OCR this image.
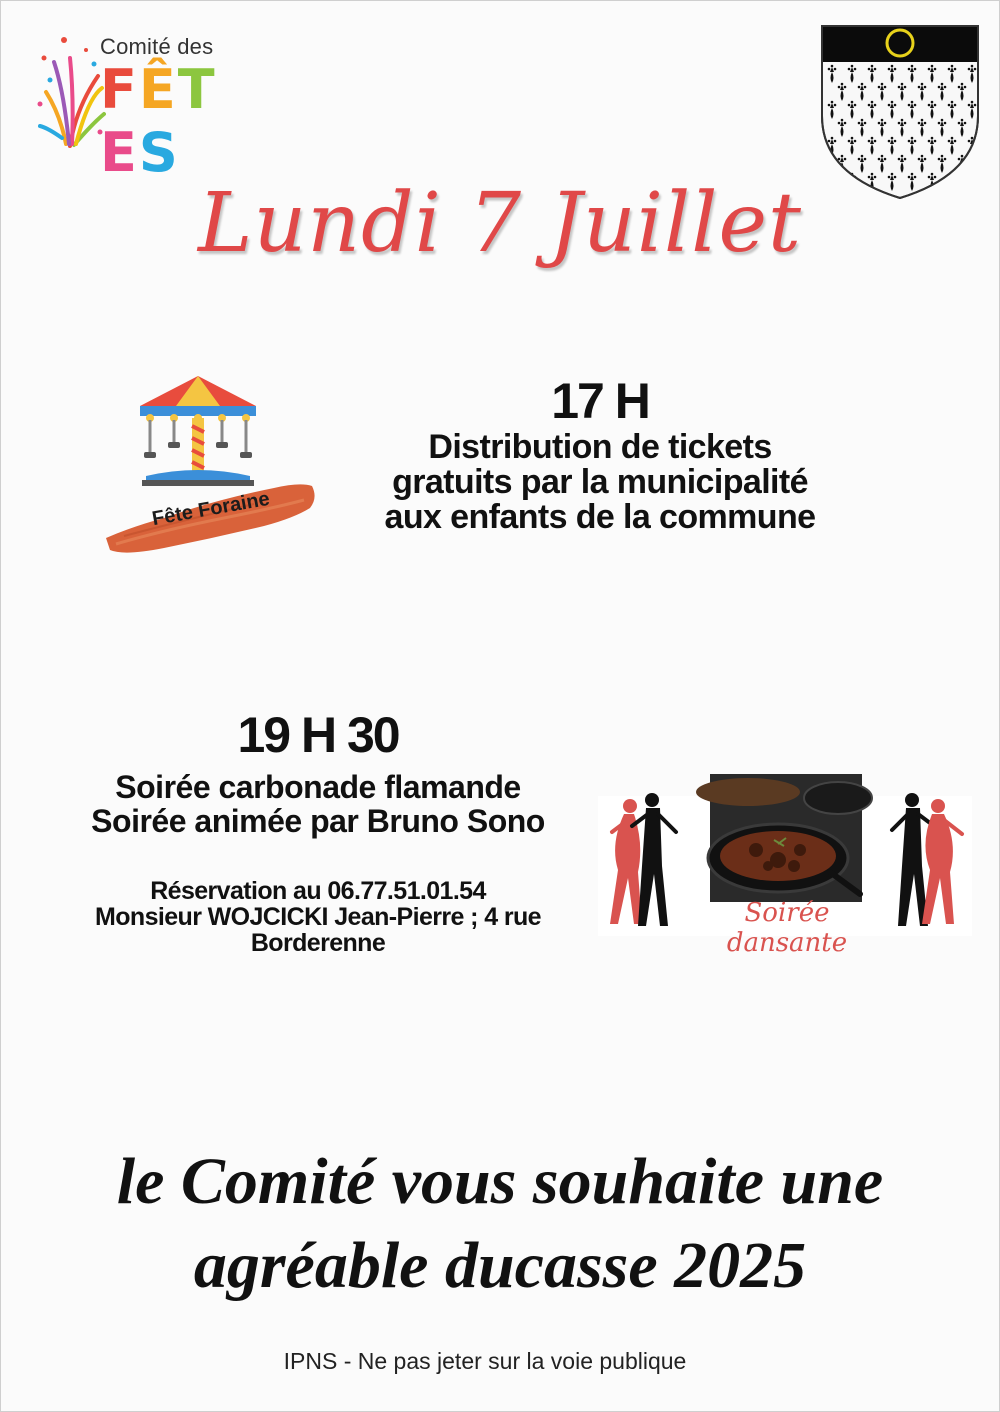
Comité des
FÊTES
Lundi 7 Juillet
Fête Foraine
17 H
Distribution de tickets
gratuits par la municipalité
aux enfants de la commune
19 H 30
Soirée carbonade flamande
Soirée animée par Bruno Sono
Réservation au 06.77.51.01.54
Monsieur WOJCICKI Jean-Pierre ; 4 rue
Borderenne
Soirée dansante
le Comité vous souhaite une
agréable ducasse 2025
IPNS - Ne pas jeter sur la voie publique
